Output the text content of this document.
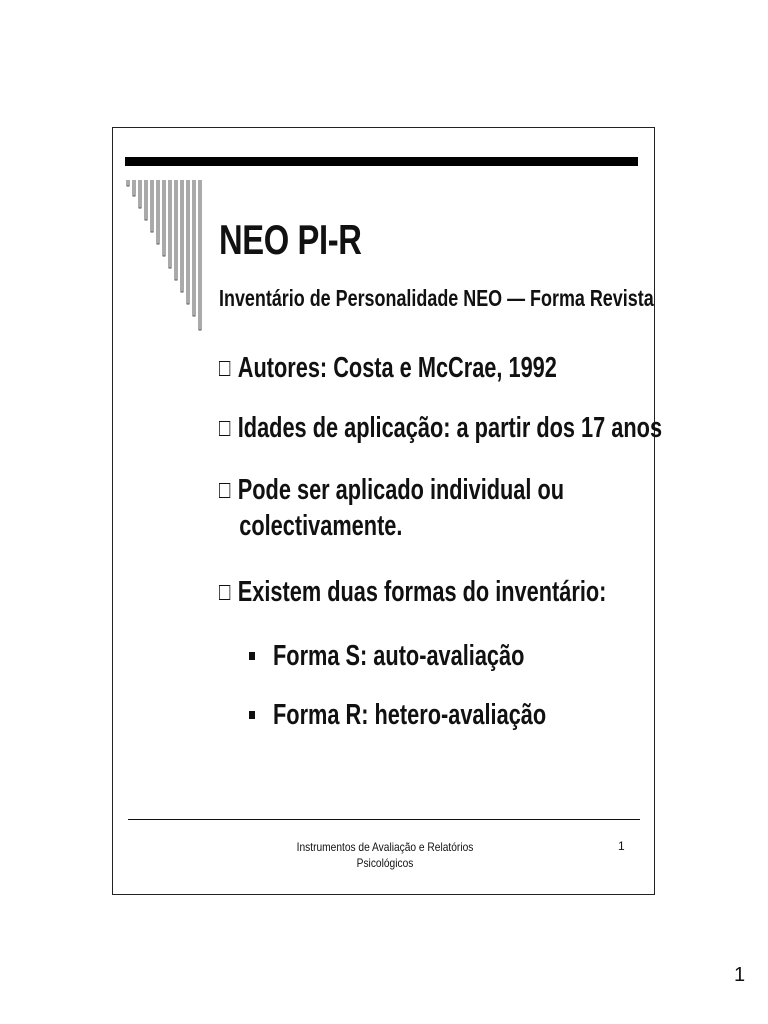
NEO PI-R
Inventário de Personalidade NEO — Forma Revista
Autores: Costa e McCrae, 1992
Idades de aplicação: a partir dos 17 anos
Pode ser aplicado individual ou
colectivamente.
Existem duas formas do inventário:
Forma S: auto-avaliação
Forma R: hetero-avaliação
Instrumentos de Avaliação e Relatórios
Psicológicos
1
1
